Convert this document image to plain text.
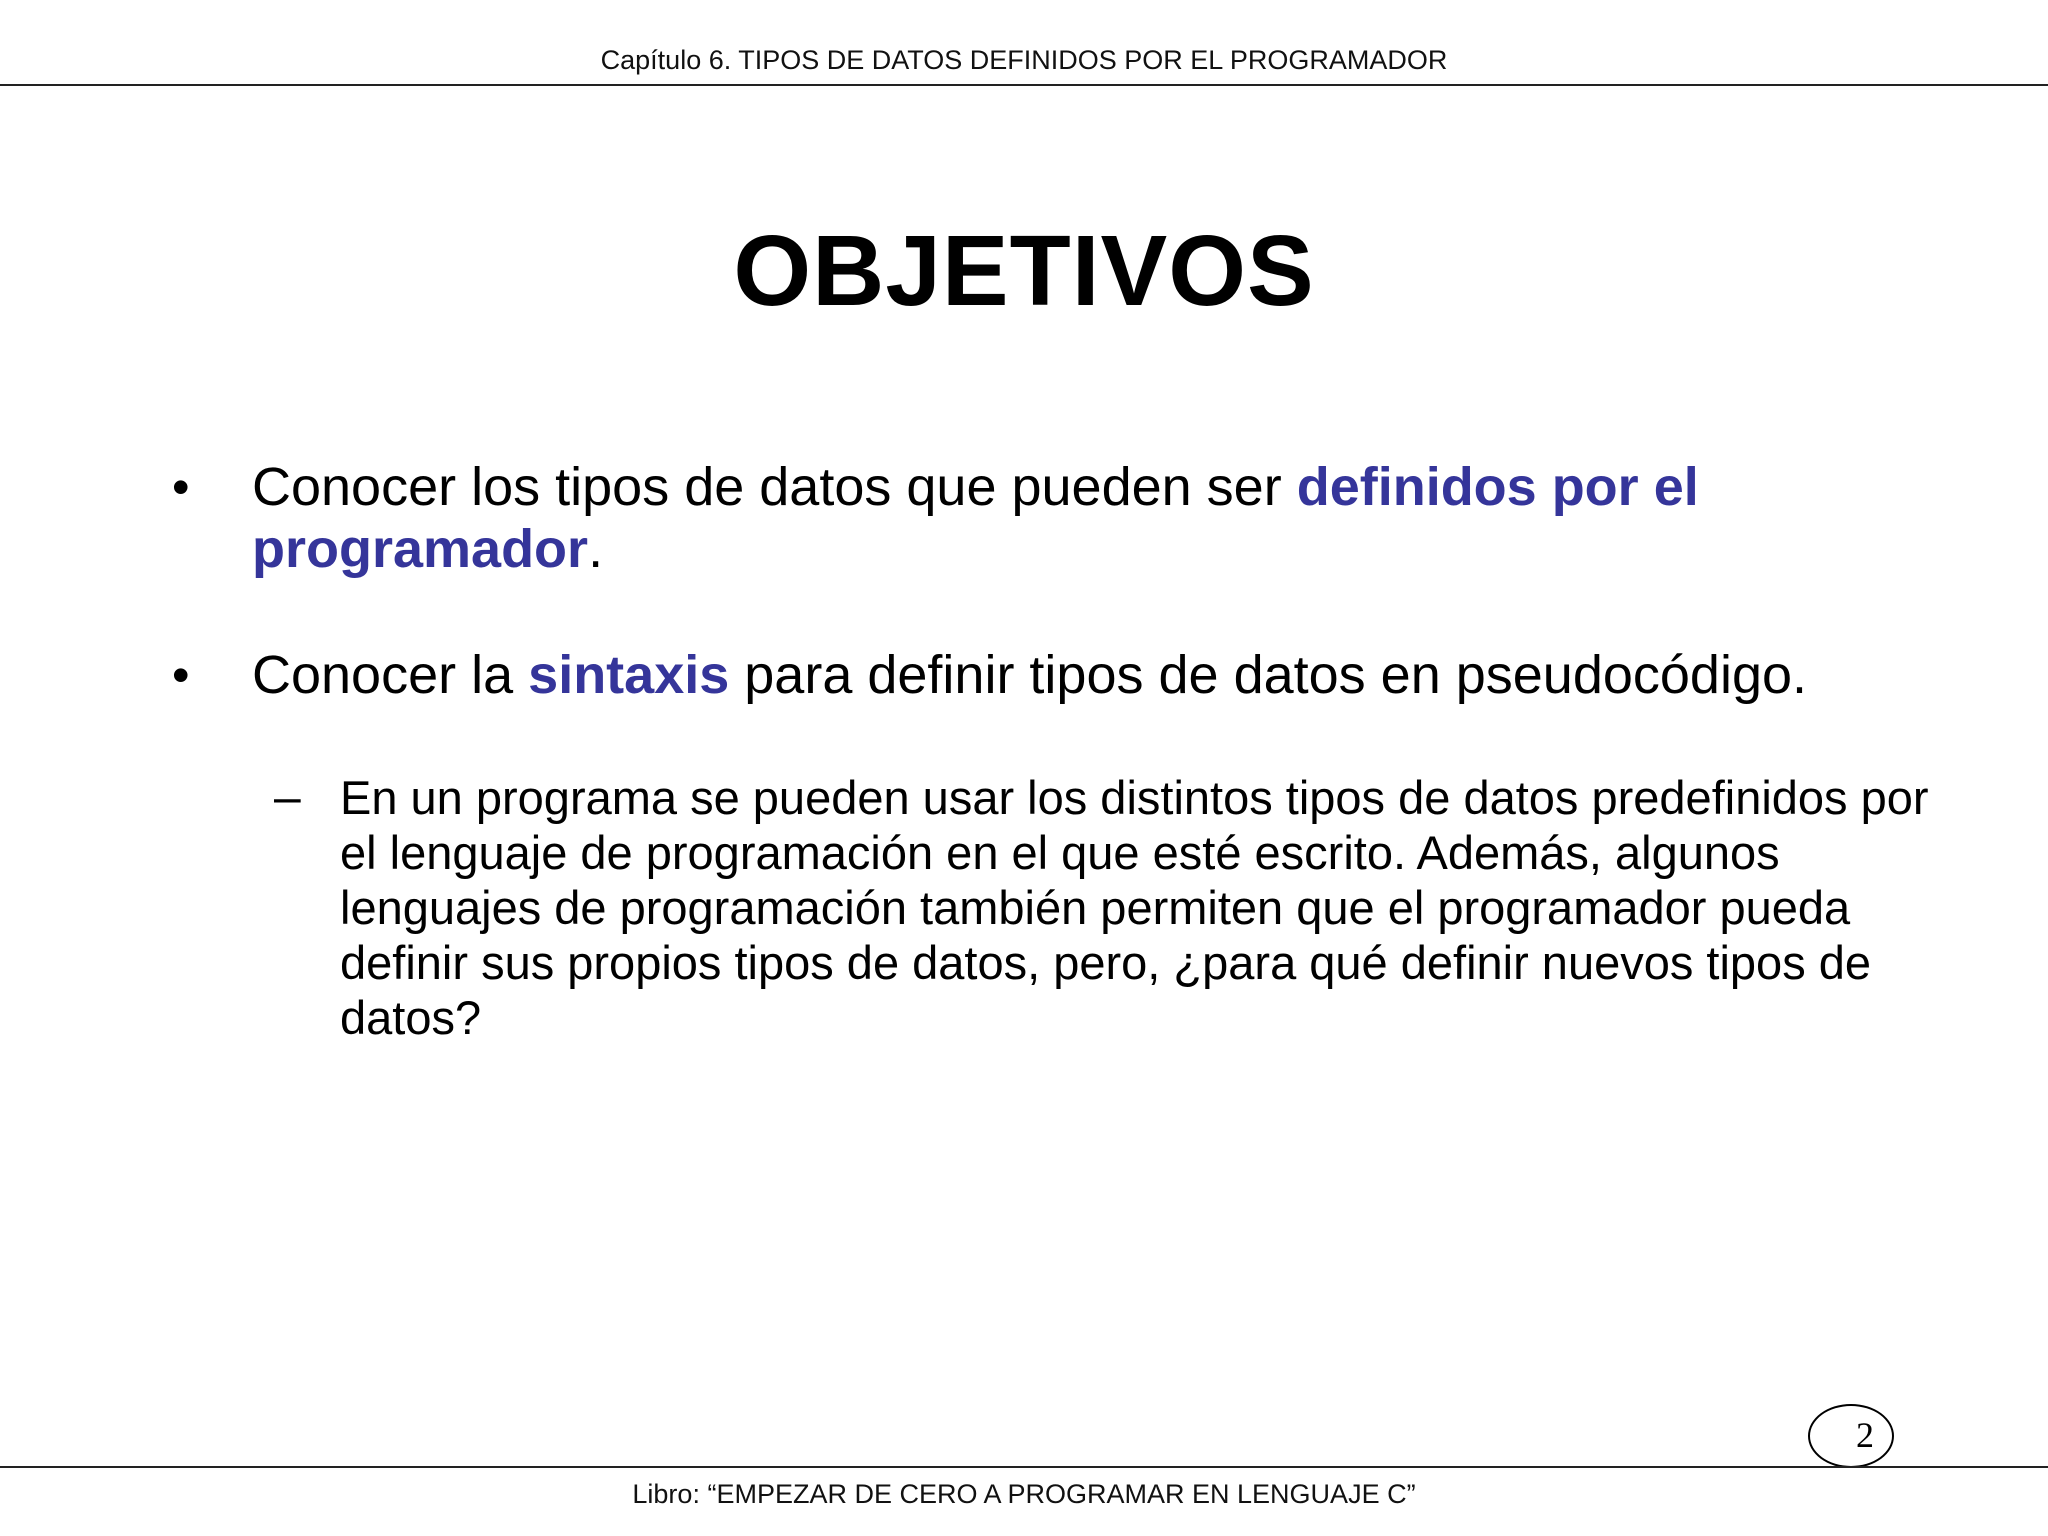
Capítulo 6. TIPOS DE DATOS DEFINIDOS POR EL PROGRAMADOR
OBJETIVOS
• Conocer los tipos de datos que pueden ser definidos por el programador.
• Conocer la sintaxis para definir tipos de datos en pseudocódigo.
– En un programa se pueden usar los distintos tipos de datos predefinidos por el lenguaje de programación en el que esté escrito. Además, algunos lenguajes de programación también permiten que el programador pueda definir sus propios tipos de datos, pero, ¿para qué definir nuevos tipos de datos?
2
Libro: “EMPEZAR DE CERO A PROGRAMAR EN LENGUAJE C”
